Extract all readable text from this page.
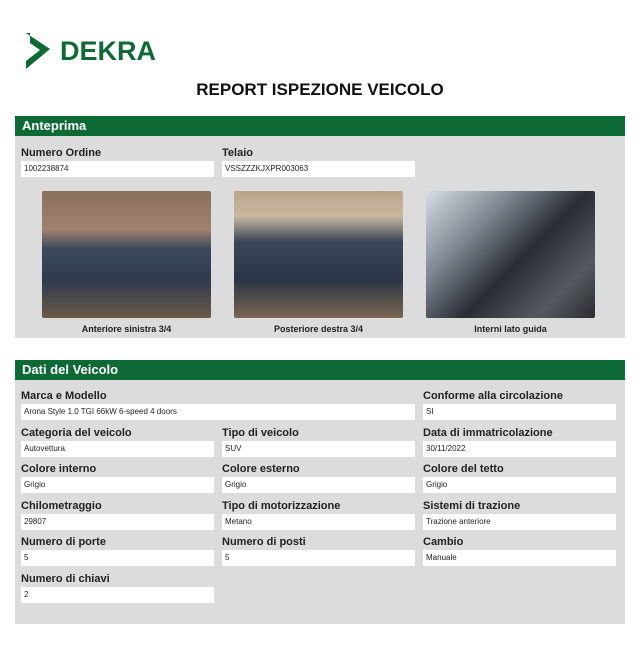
DEKRA
REPORT ISPEZIONE VEICOLO
Anteprima
Numero Ordine
1002238874
Telaio
VSSZZZKJXPR003063
Anteriore sinistra 3/4	Posteriore destra 3/4	Interni lato guida
Dati del Veicolo
Marca e Modello
Arona Style 1.0 TGI 66kW 6-speed 4 doors
Conforme alla circolazione
SI
Categoria del veicolo
Autovettura
Tipo di veicolo
SUV
Data di immatricolazione
30/11/2022
Colore interno
Grigio
Colore esterno
Grigio
Colore del tetto
Grigio
Chilometraggio
29807
Tipo di motorizzazione
Metano
Sistemi di trazione
Trazione anteriore
Numero di porte
5
Numero di posti
5
Cambio
Manuale
Numero di chiavi
2
